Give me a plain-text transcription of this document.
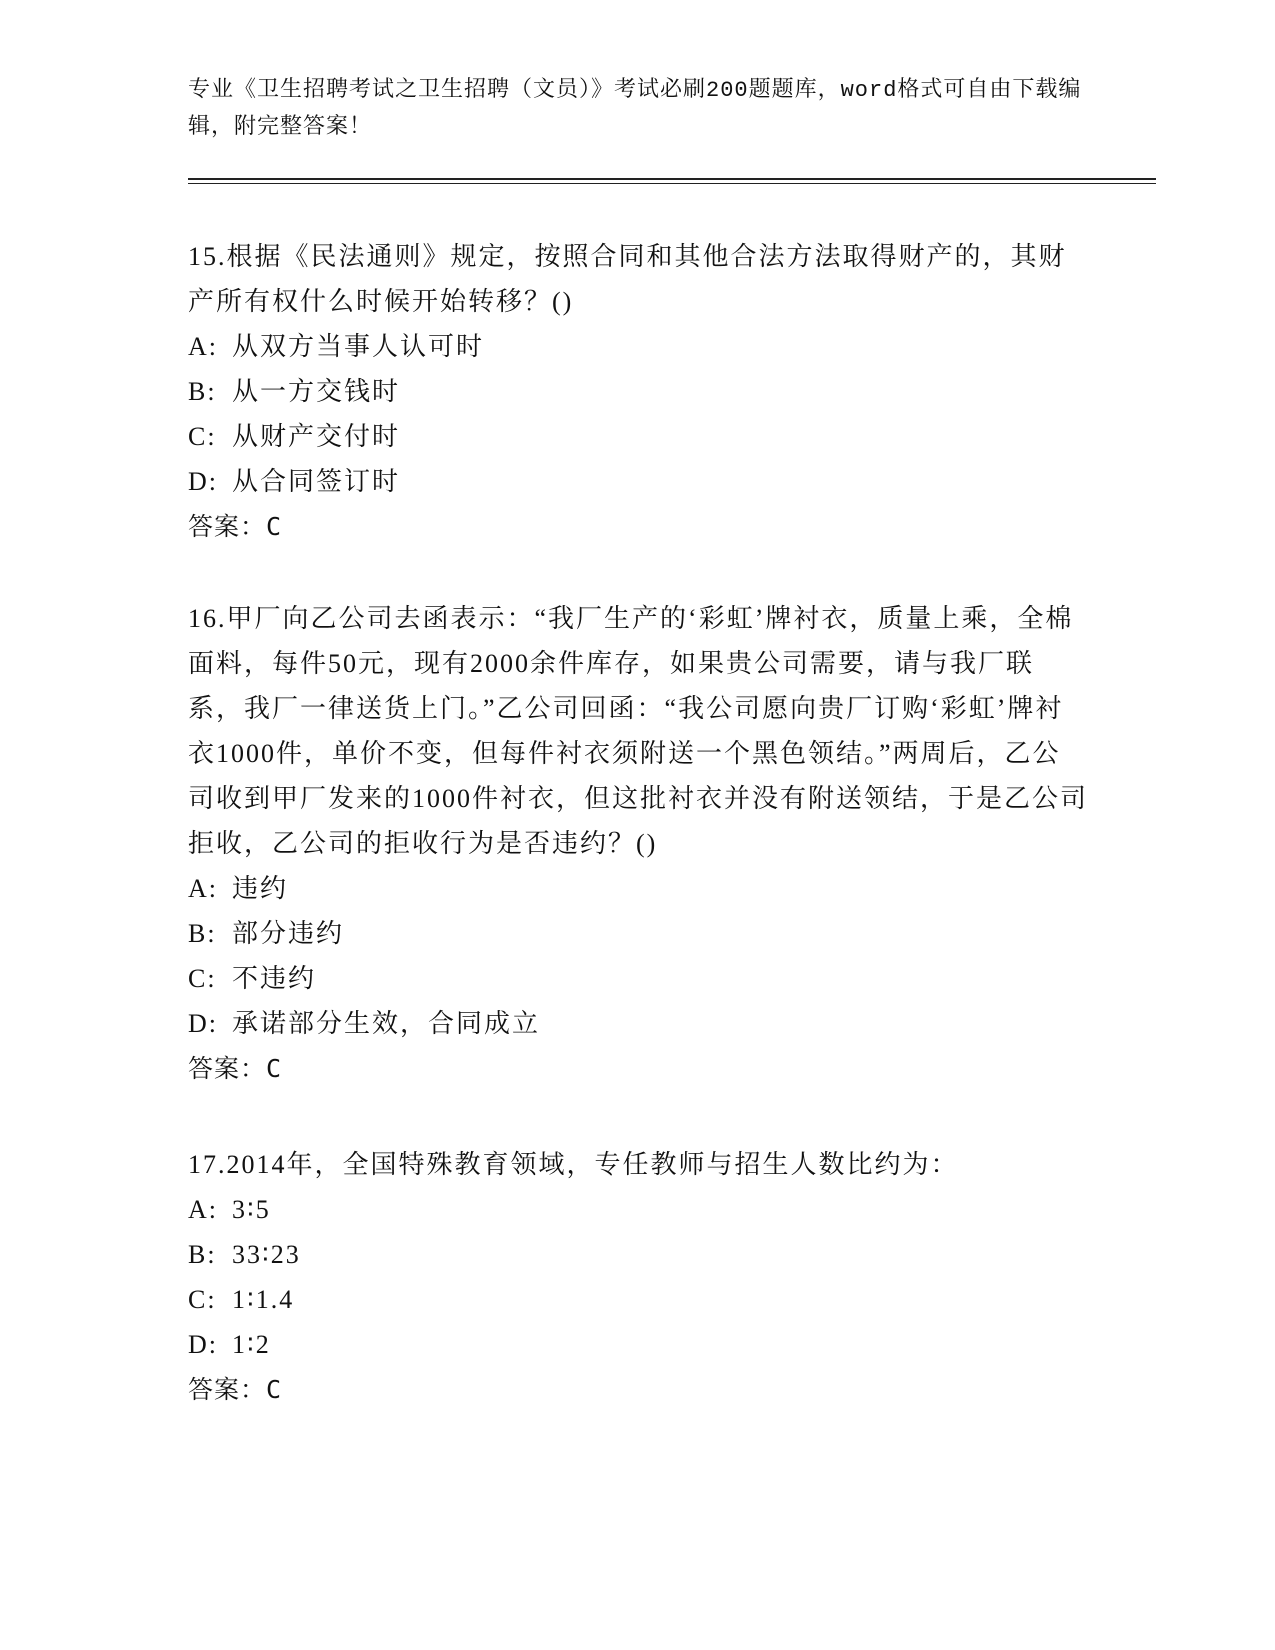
专业《卫生招聘考试之卫生招聘（文员）》考试必刷200题题库，word格式可自由下载编辑，附完整答案！

15.根据《民法通则》规定，按照合同和其他合法方法取得财产的，其财产所有权什么时候开始转移？()

A: 从双方当事人认可时

B: 从一方交钱时

C: 从财产交付时

D: 从合同签订时

答案：C

16.甲厂向乙公司去函表示：“我厂生产的‘彩虹’牌衬衣，质量上乘，全棉面料，每件50元，现有2000余件库存，如果贵公司需要，请与我厂联系，我厂一律送货上门。”乙公司回函：“我公司愿向贵厂订购‘彩虹’牌衬衣1000件，单价不变，但每件衬衣须附送一个黑色领结。”两周后，乙公司收到甲厂发来的1000件衬衣，但这批衬衣并没有附送领结，于是乙公司拒收，乙公司的拒收行为是否违约？()

A: 违约

B: 部分违约

C: 不违约

D: 承诺部分生效，合同成立

答案：C

17.2014年，全国特殊教育领域，专任教师与招生人数比约为：

A: 3∶5

B: 33∶23

C: 1∶1.4

D: 1∶2

答案：C
